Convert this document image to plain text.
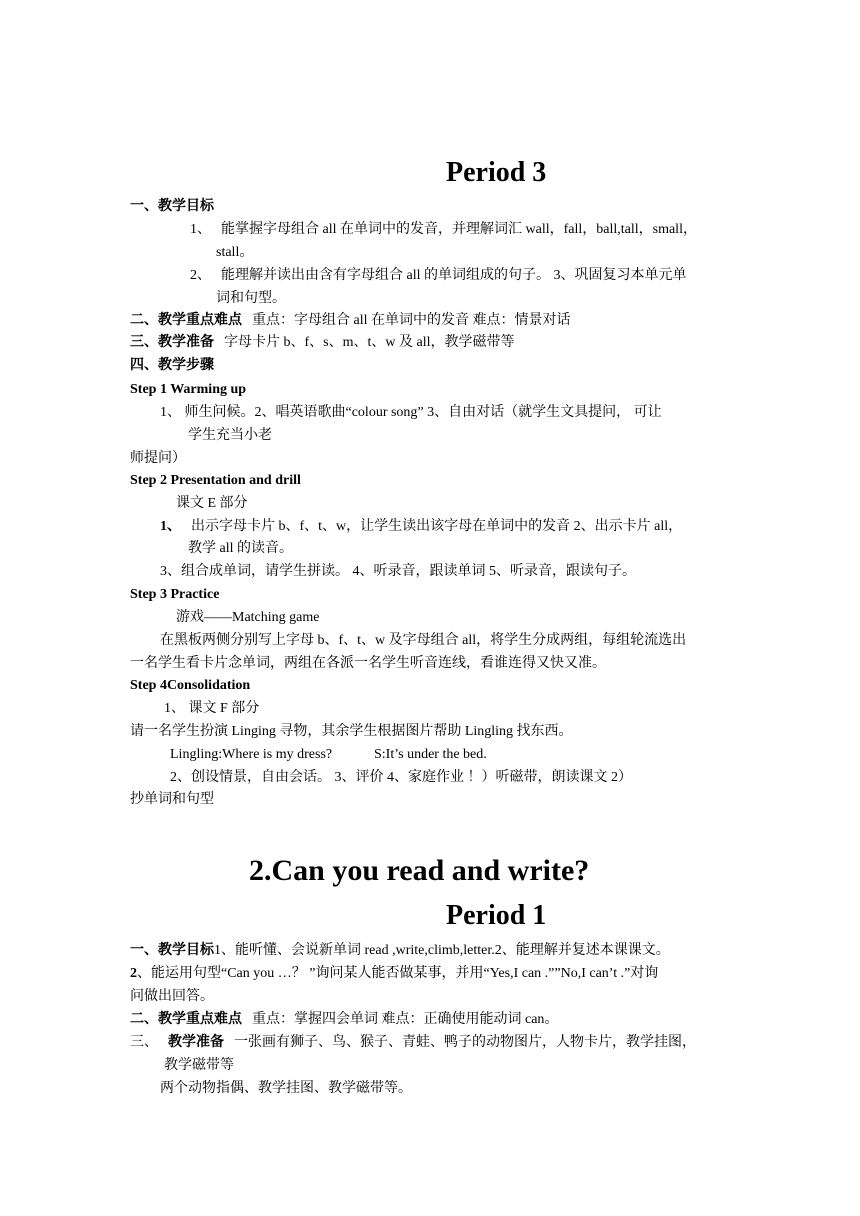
Period 3
一、教学目标
1、 能掌握字母组合 all 在单词中的发音，并理解词汇 wall，fall，ball,tall，small，
stall。
2、 能理解并读出由含有字母组合 all 的单词组成的句子。 3、巩固复习本单元单
词和句型。
二、教学重点难点 重点：字母组合 all 在单词中的发音 难点：情景对话
三、教学准备 字母卡片 b、f、s、m、t、w 及 all，教学磁带等
四、教学步骤
Step 1 Warming up
1、 师生问候。2、唱英语歌曲“colour song” 3、自由对话（就学生文具提问， 可让
学生充当小老
师提问）
Step 2 Presentation and drill
课文 E 部分
1、 出示字母卡片 b、f、t、w，让学生读出该字母在单词中的发音 2、出示卡片 all，
教学 all 的读音。
3、组合成单词，请学生拼读。 4、听录音，跟读单词 5、听录音，跟读句子。
Step 3 Practice
游戏——Matching game
在黑板两侧分别写上字母 b、f、t、w 及字母组合 all，将学生分成两组，每组轮流选出
一名学生看卡片念单词，两组在各派一名学生听音连线，看谁连得又快又准。
Step 4Consolidation
1、 课文 F 部分
请一名学生扮演 Linging 寻物，其余学生根据图片帮助 Lingling 找东西。
Lingling:Where is my dress?	S:It’s under the bed.
2、创设情景，自由会话。 3、评价 4、家庭作业 ！）听磁带，朗读课文 2）
抄单词和句型
2.Can you read and write?
Period 1
一、教学目标1、能听懂、会说新单词 read ,write,climb,letter.2、能理解并复述本课课文。
2、能运用句型“Can you …？ ”询问某人能否做某事，并用“Yes,I can .””No,I can’t .”对询
问做出回答。
二、教学重点难点 重点：掌握四会单词 难点：正确使用能动词 can。
三、 教学准备 一张画有狮子、鸟、猴子、青蛙、鸭子的动物图片，人物卡片，教学挂图，
教学磁带等
两个动物指偶、教学挂图、教学磁带等。
